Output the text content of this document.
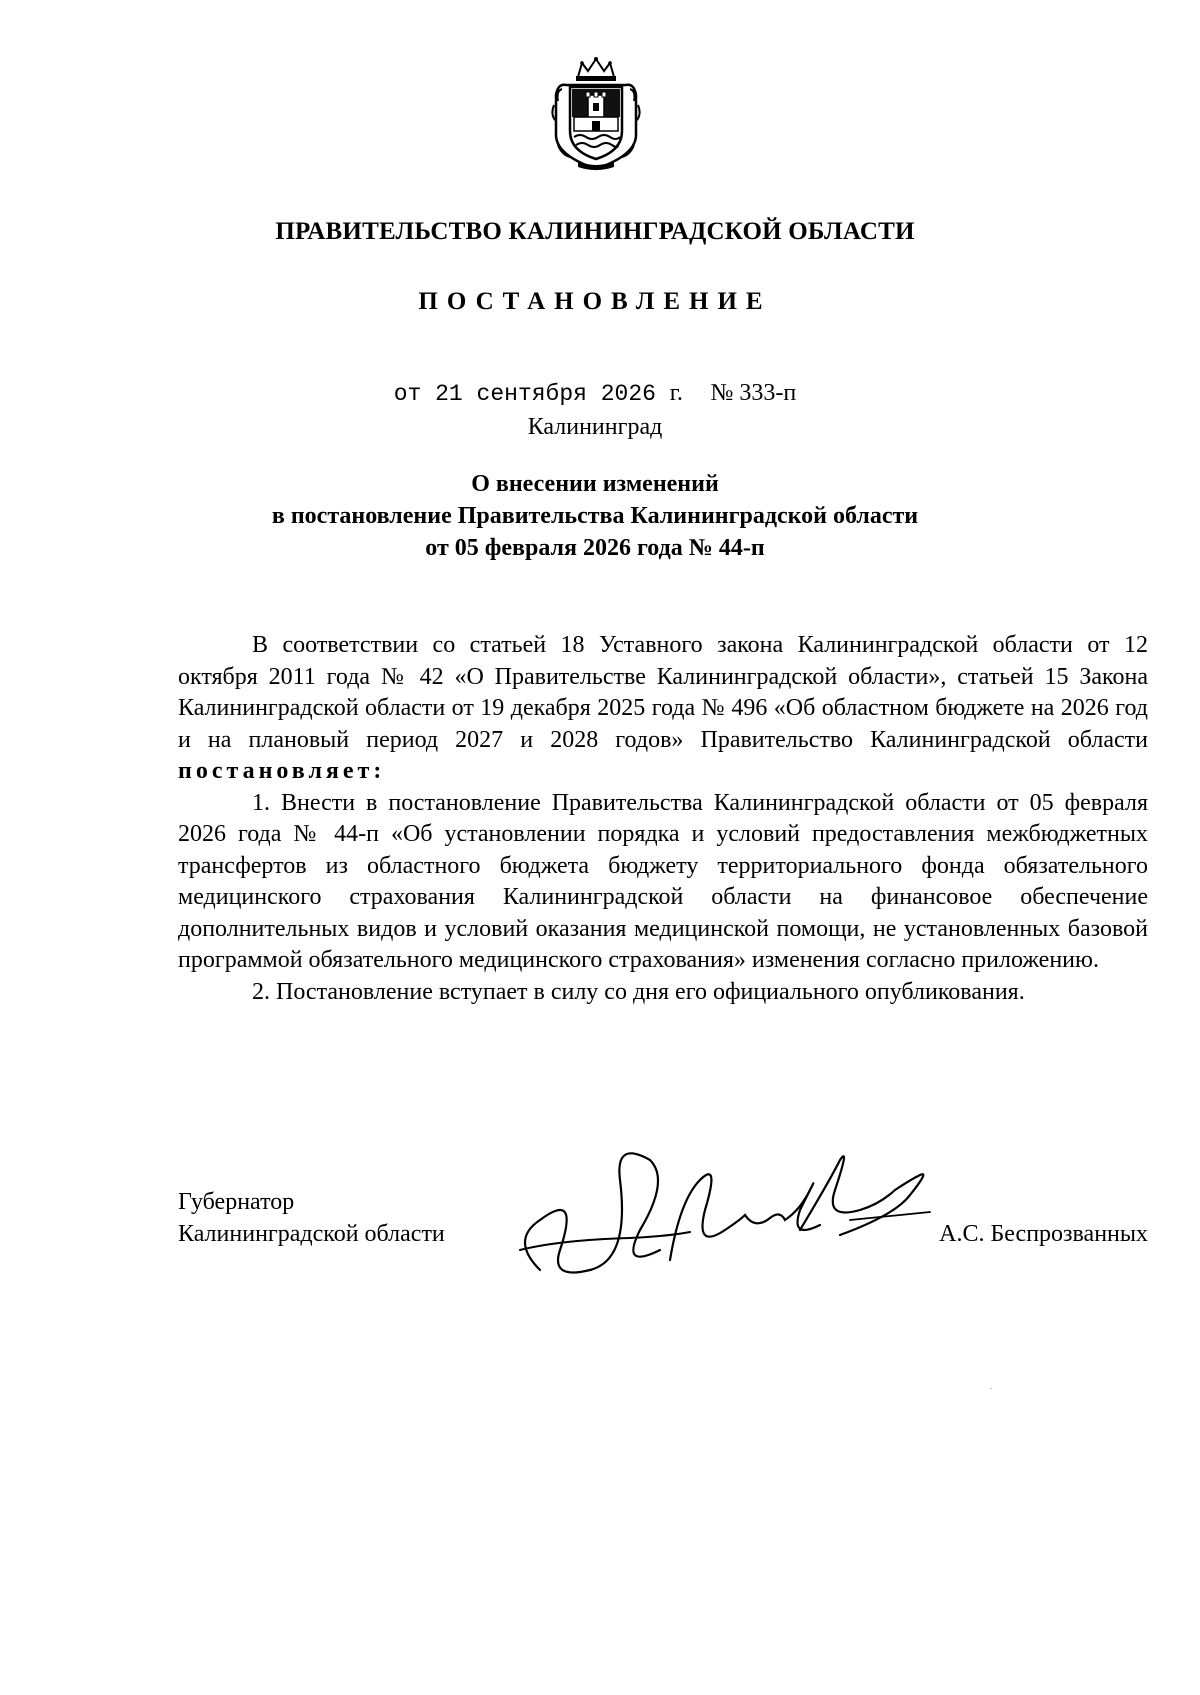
ПРАВИТЕЛЬСТВО КАЛИНИНГРАДСКОЙ ОБЛАСТИ
ПОСТАНОВЛЕНИЕ
от 21 сентября 2026 г. № 333-п
Калининград
О внесении изменений
в постановление Правительства Калининградской области
от 05 февраля 2026 года № 44-п

В соответствии со статьей 18 Уставного закона Калининградской области от 12 октября 2011 года № 42 «О Правительстве Калининградской области», статьей 15 Закона Калининградской области от 19 декабря 2025 года № 496 «Об областном бюджете на 2026 год и на плановый период 2027 и 2028 годов» Правительство Калининградской области постановляет:

1. Внести в постановление Правительства Калининградской области от 05 февраля 2026 года № 44-п «Об установлении порядка и условий предоставления межбюджетных трансфертов из областного бюджета бюджету территориального фонда обязательного медицинского страхования Калининградской области на финансовое обеспечение дополнительных видов и условий оказания медицинской помощи, не установленных базовой программой обязательного медицинского страхования» изменения согласно приложению.

2. Постановление вступает в силу со дня его официального опубликования.

Губернатор
Калининградской области	А.С. Беспрозванных
